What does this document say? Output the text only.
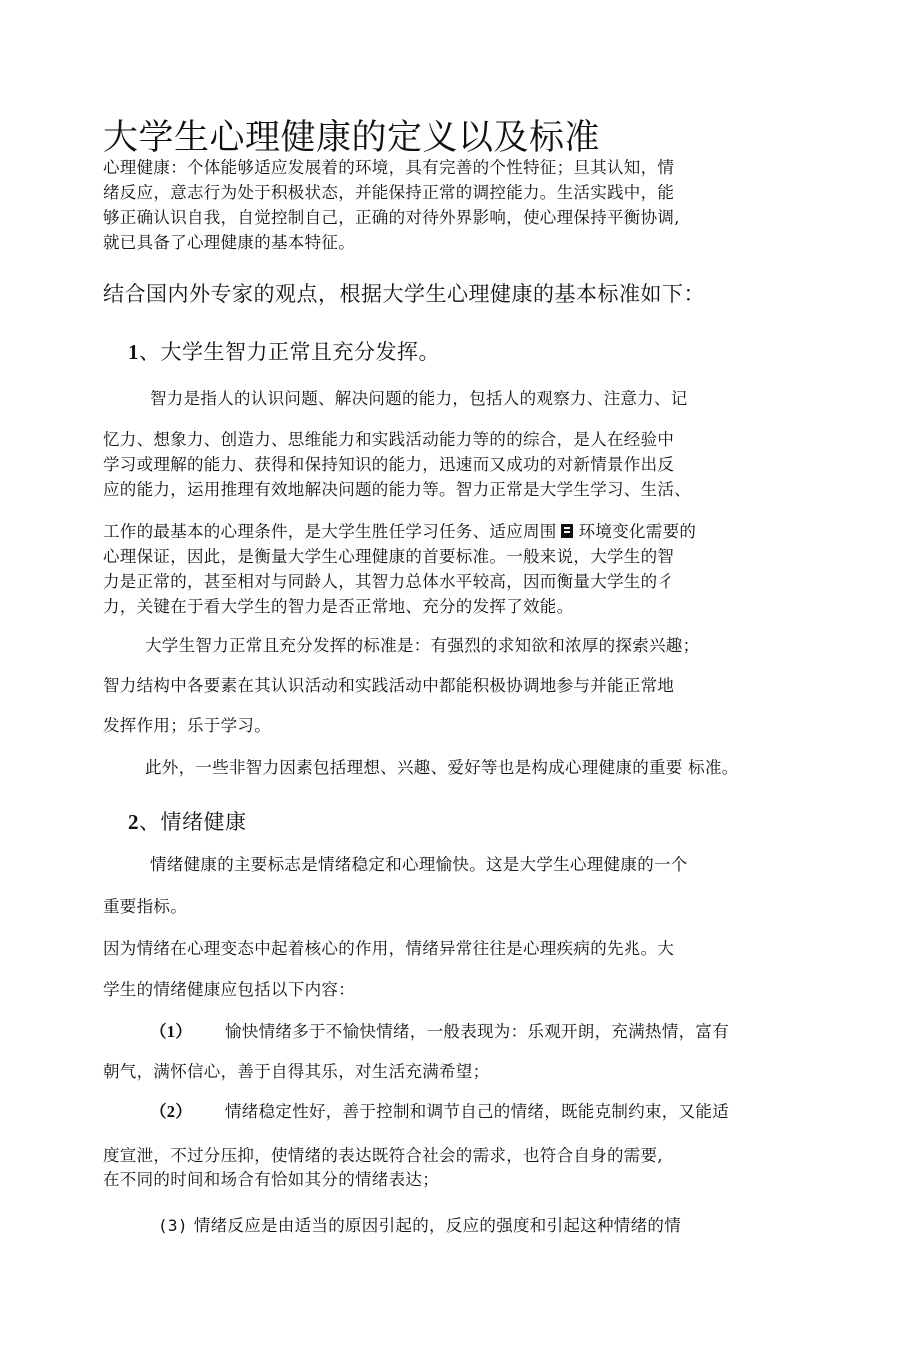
大学生心理健康的定义以及标准
心理健康：个体能够适应发展着的环境，具有完善的个性特征；旦其认知，情
绪反应，意志行为处于积极状态，并能保持正常的调控能力。生活实践中，能
够正确认识自我，自觉控制自己，正确的对待外界影响，使心理保持平衡协调,
就已具备了心理健康的基本特征。
结合国内外专家的观点，根据大学生心理健康的基本标准如下：
1、大学生智力正常且充分发挥。
智力是指人的认识问题、解决问题的能力，包括人的观察力、注意力、记
忆力、想象力、创造力、思维能力和实践活动能力等的的综合，是人在经验中
学习或理解的能力、获得和保持知识的能力，迅速而又成功的对新情景作出反
应的能力，运用推理有效地解决问题的能力等。智力正常是大学生学习、生活、
工作的最基本的心理条件，是大学生胜任学习任务、适应周围 环境变化需要的
心理保证，因此，是衡量大学生心理健康的首要标准。一般来说，大学生的智
力是正常的，甚至相对与同龄人，其智力总体水平较高，因而衡量大学生的彳
力，关键在于看大学生的智力是否正常地、充分的发挥了效能。
大学生智力正常且充分发挥的标准是：有强烈的求知欲和浓厚的探索兴趣；
智力结构中各要素在其认识活动和实践活动中都能积极协调地参与并能正常地
发挥作用；乐于学习。
此外，一些非智力因素包括理想、兴趣、爱好等也是构成心理健康的重要 标准。
2、情绪健康
情绪健康的主要标志是情绪稳定和心理愉快。这是大学生心理健康的一个
重要指标。
因为情绪在心理变态中起着核心的作用，情绪异常往往是心理疾病的先兆。大
学生的情绪健康应包括以下内容：
（1） 愉快情绪多于不愉快情绪，一般表现为：乐观开朗，充满热情，富有
朝气，满怀信心，善于自得其乐，对生活充满希望；
（2） 情绪稳定性好，善于控制和调节自己的情绪，既能克制约束，又能适
度宣泄，不过分压抑，使情绪的表达既符合社会的需求，也符合自身的需要,
在不同的时间和场合有恰如其分的情绪表达；
(3) 情绪反应是由适当的原因引起的，反应的强度和引起这种情绪的情
